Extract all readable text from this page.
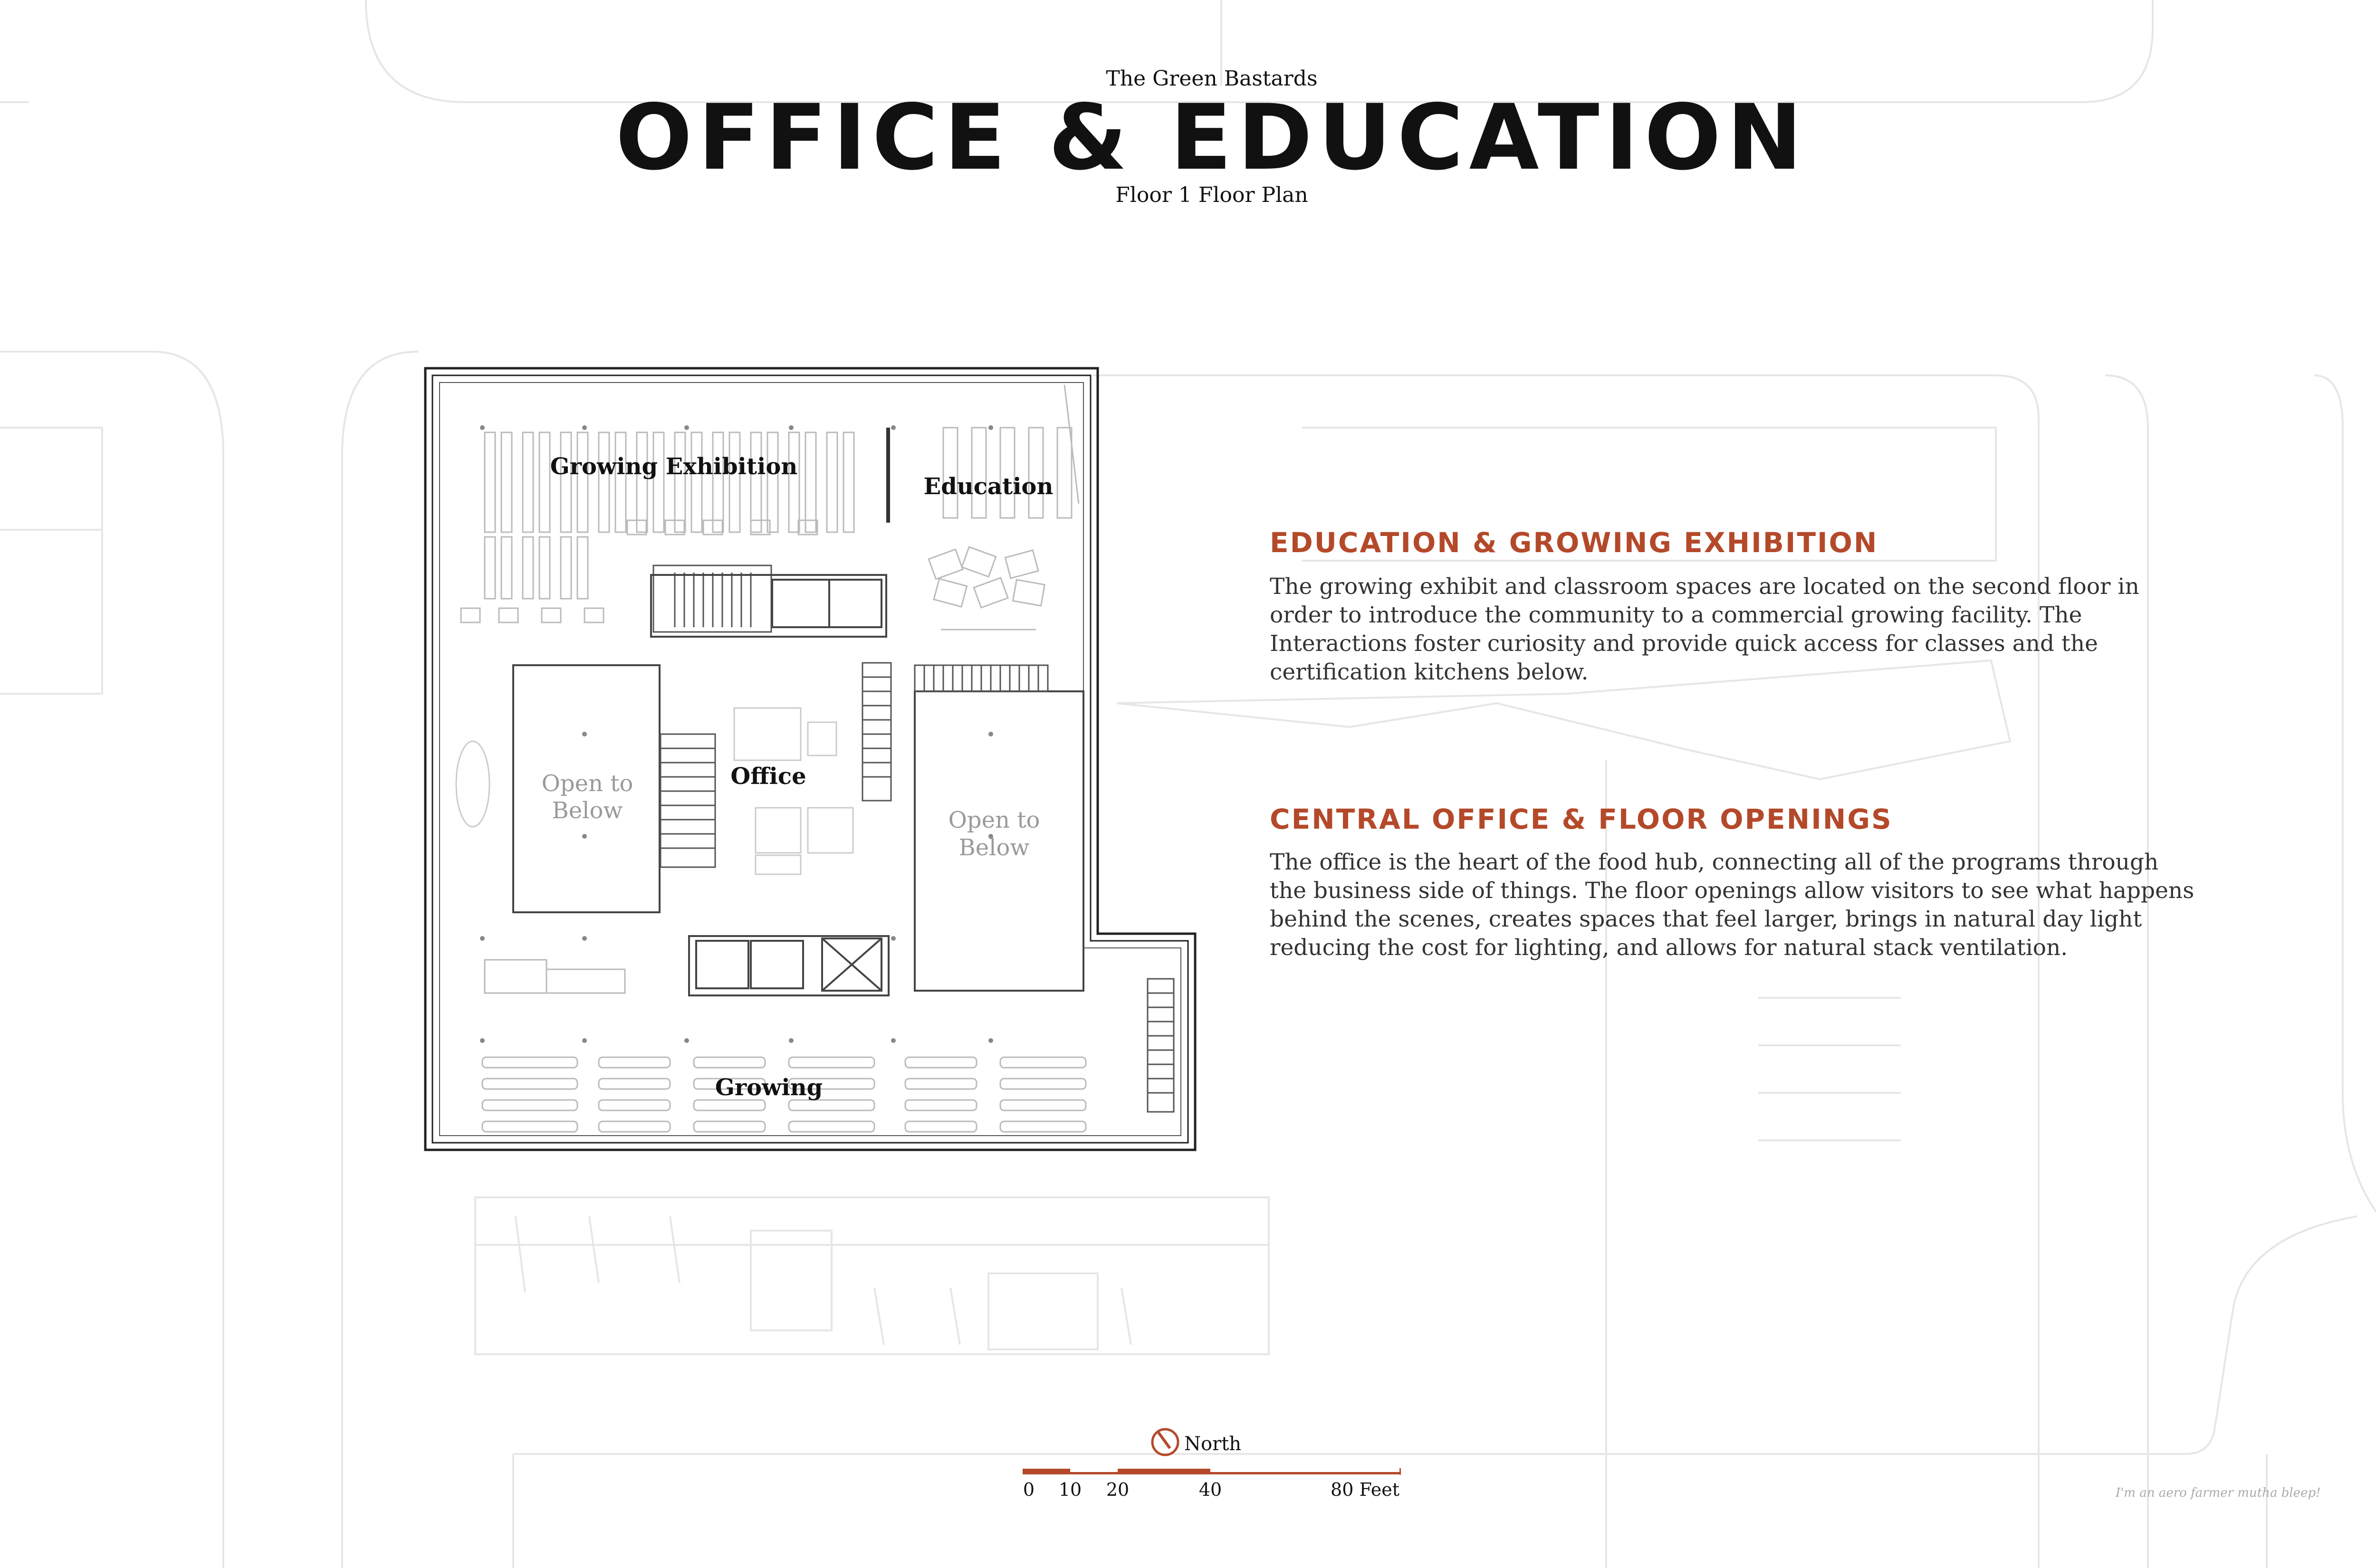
Growing Exhibition
Education
Office
Open to
Below	Open to
Below
Growing
North
0 10 20	40	80 Feet
The Green Bastards
OFFICE & EDUCATION
Floor 1 Floor Plan
EDUCATION & GROWING EXHIBITION
The growing exhibit and classroom spaces are located on the second floor in order to introduce the community to a commercial growing facility. The Interactions foster curiosity and provide quick access for classes and the certification kitchens below.
CENTRAL OFFICE & FLOOR OPENINGS
The office is the heart of the food hub, connecting all of the programs through the business side of things. The floor openings allow visitors to see what happens behind the scenes, creates spaces that feel larger, brings in natural day light reducing the cost for lighting, and allows for natural stack ventilation.
I'm an aero farmer mutha bleep!
